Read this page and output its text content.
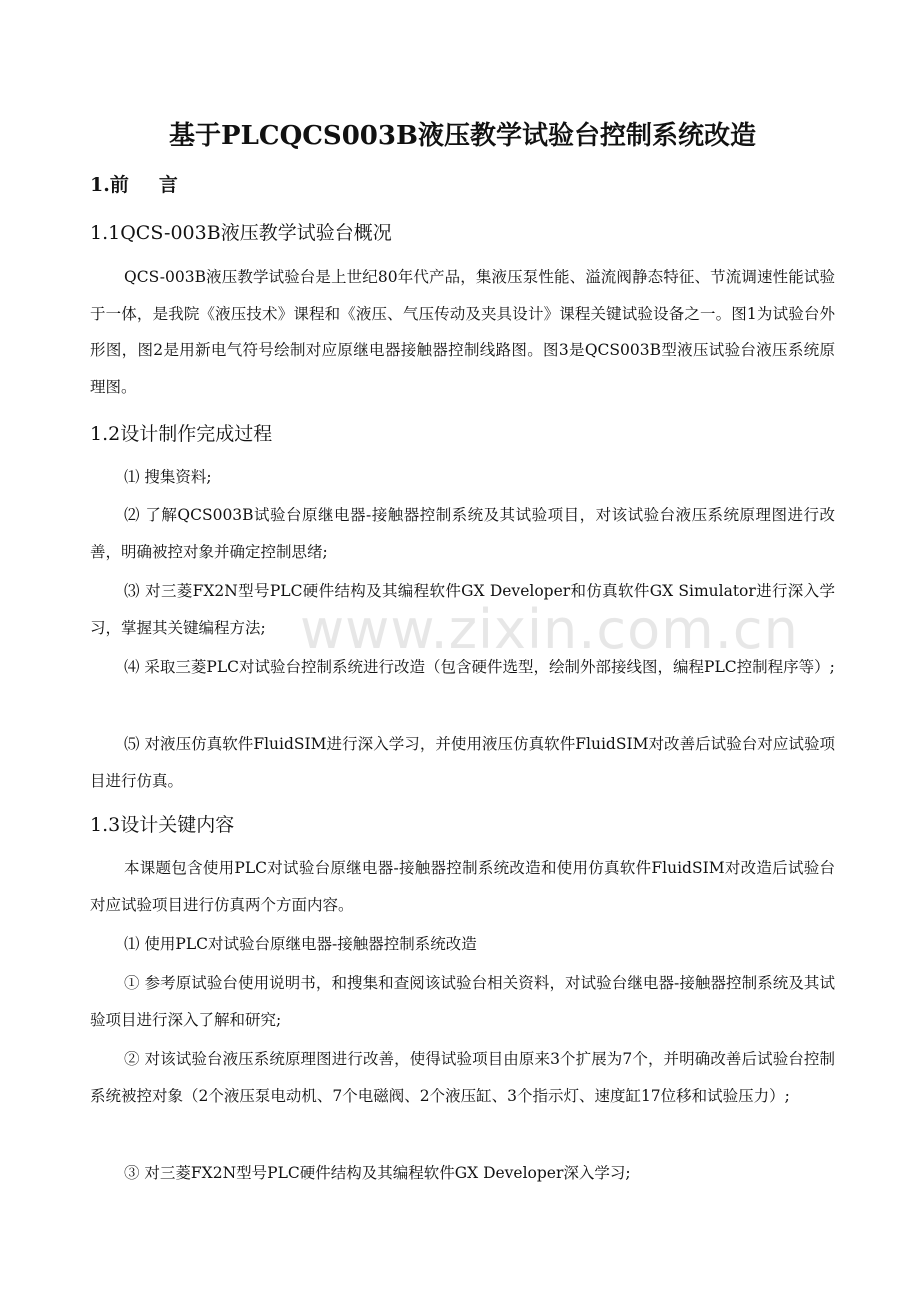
www.zixin.com.cn
基于PLCQCS003B液压教学试验台控制系统改造
1.前 言
1.1QCS-003B液压教学试验台概况
QCS-003B液压教学试验台是上世纪80年代产品，集液压泵性能、溢流阀静态特征、节流调速性能试验于一体，是我院《液压技术》课程和《液压、气压传动及夹具设计》课程关键试验设备之一。图1为试验台外形图，图2是用新电气符号绘制对应原继电器接触器控制线路图。图3是QCS003B型液压试验台液压系统原理图。
1.2设计制作完成过程
⑴ 搜集资料;
⑵ 了解QCS003B试验台原继电器-接触器控制系统及其试验项目，对该试验台液压系统原理图进行改善，明确被控对象并确定控制思绪;
⑶ 对三菱FX2N型号PLC硬件结构及其编程软件GX Developer和仿真软件GX Simulator进行深入学习，掌握其关键编程方法;
⑷ 采取三菱PLC对试验台控制系统进行改造（包含硬件选型，绘制外部接线图，编程PLC控制程序等）;
⑸ 对液压仿真软件FluidSIM进行深入学习，并使用液压仿真软件FluidSIM对改善后试验台对应试验项目进行仿真。
1.3设计关键内容
本课题包含使用PLC对试验台原继电器-接触器控制系统改造和使用仿真软件FluidSIM对改造后试验台对应试验项目进行仿真两个方面内容。
⑴ 使用PLC对试验台原继电器-接触器控制系统改造
① 参考原试验台使用说明书，和搜集和查阅该试验台相关资料，对试验台继电器-接触器控制系统及其试验项目进行深入了解和研究;
② 对该试验台液压系统原理图进行改善，使得试验项目由原来3个扩展为7个，并明确改善后试验台控制系统被控对象（2个液压泵电动机、7个电磁阀、2个液压缸、3个指示灯、速度缸17位移和试验压力）;
③ 对三菱FX2N型号PLC硬件结构及其编程软件GX Developer深入学习;
